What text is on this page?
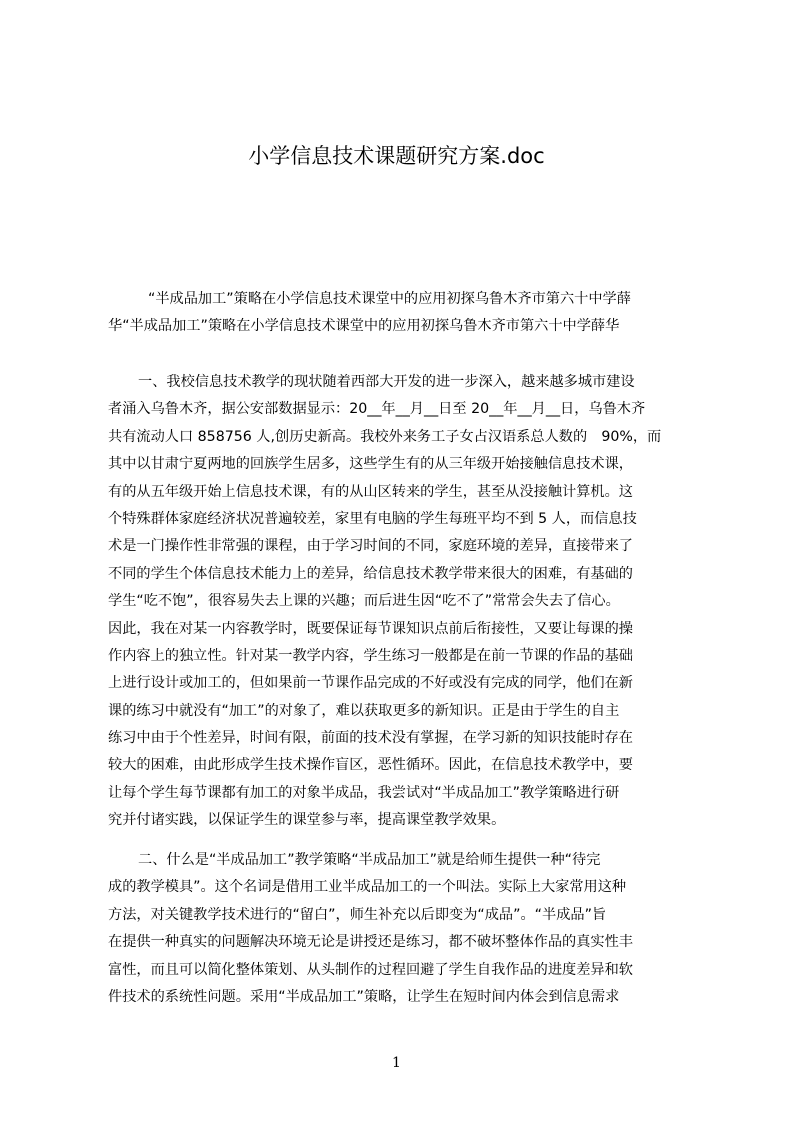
小学信息技术课题研究方案.doc
“半成品加工”策略在小学信息技术课堂中的应用初探乌鲁木齐市第六十中学薛
华“半成品加工”策略在小学信息技术课堂中的应用初探乌鲁木齐市第六十中学薛华
一、我校信息技术教学的现状随着西部大开发的进一步深入，越来越多城市建设
者涌入乌鲁木齐，据公安部数据显示：20__年__月__日至 20__年__月__日，乌鲁木齐
共有流动人口 858756 人,创历史新高。我校外来务工子女占汉语系总人数的　90%，而
其中以甘肃宁夏两地的回族学生居多，这些学生有的从三年级开始接触信息技术课，
有的从五年级开始上信息技术课，有的从山区转来的学生，甚至从没接触计算机。这
个特殊群体家庭经济状况普遍较差，家里有电脑的学生每班平均不到 5 人，而信息技
术是一门操作性非常强的课程，由于学习时间的不同，家庭环境的差异，直接带来了
不同的学生个体信息技术能力上的差异，给信息技术教学带来很大的困难，有基础的
学生“吃不饱”，很容易失去上课的兴趣；而后进生因“吃不了”常常会失去了信心。
因此，我在对某一内容教学时，既要保证每节课知识点前后衔接性，又要让每课的操
作内容上的独立性。针对某一教学内容，学生练习一般都是在前一节课的作品的基础
上进行设计或加工的，但如果前一节课作品完成的不好或没有完成的同学，他们在新
课的练习中就没有“加工”的对象了，难以获取更多的新知识。正是由于学生的自主
练习中由于个性差异，时间有限，前面的技术没有掌握，在学习新的知识技能时存在
较大的困难，由此形成学生技术操作盲区，恶性循环。因此，在信息技术教学中，要
让每个学生每节课都有加工的对象半成品，我尝试对“半成品加工”教学策略进行研
究并付诸实践，以保证学生的课堂参与率，提高课堂教学效果。
二、什么是“半成品加工”教学策略“半成品加工”就是给师生提供一种“待完
成的教学模具”。这个名词是借用工业半成品加工的一个叫法。实际上大家常用这种
方法，对关键教学技术进行的“留白”，师生补充以后即变为“成品”。“半成品”旨
在提供一种真实的问题解决环境无论是讲授还是练习，都不破坏整体作品的真实性丰
富性，而且可以简化整体策划、从头制作的过程回避了学生自我作品的进度差异和软
件技术的系统性问题。采用“半成品加工”策略，让学生在短时间内体会到信息需求
1
